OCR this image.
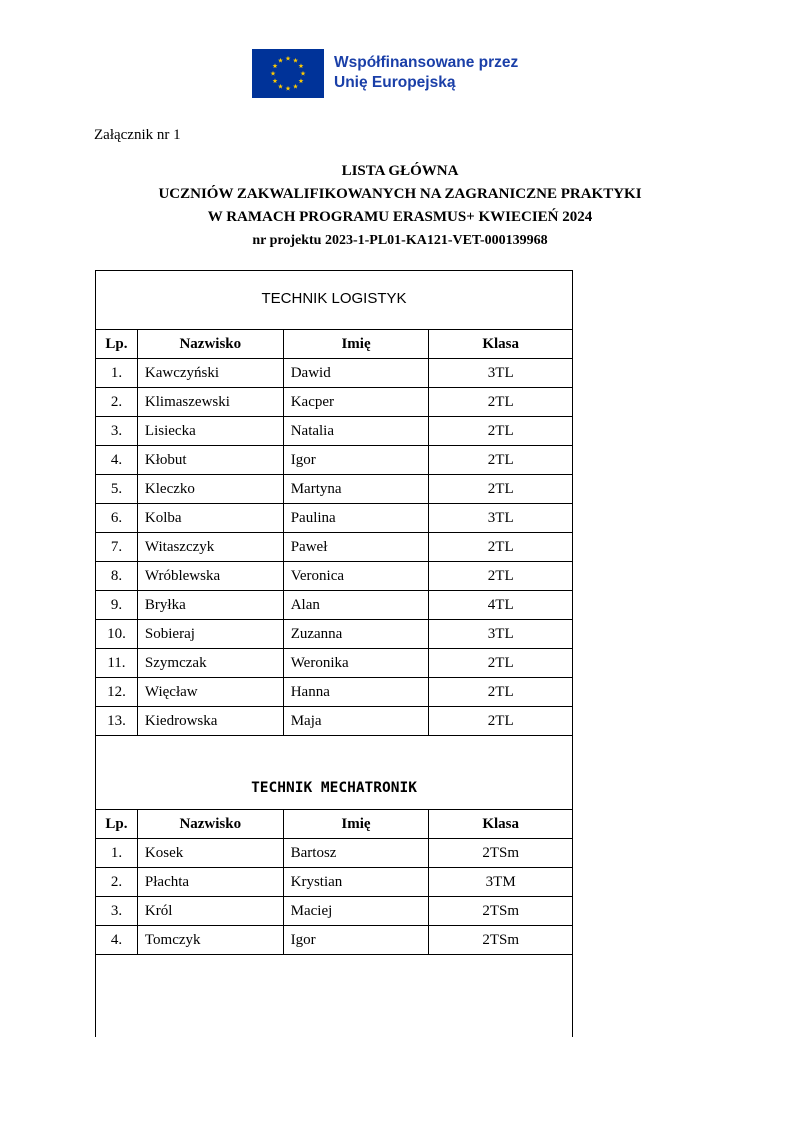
Współfinansowane przez
Unię Europejską
Załącznik nr 1
LISTA GŁÓWNA
UCZNIÓW ZAKWALIFIKOWANYCH NA ZAGRANICZNE PRAKTYKI
W RAMACH PROGRAMU ERASMUS+ KWIECIEŃ 2024
nr projektu 2023-1-PL01-KA121-VET-000139968
TECHNIK LOGISTYK
Lp.	Nazwisko	Imię	Klasa
1.	Kawczyński	Dawid	3TL
2.	Klimaszewski	Kacper	2TL
3.	Lisiecka	Natalia	2TL
4.	Kłobut	Igor	2TL
5.	Kleczko	Martyna	2TL
6.	Kolba	Paulina	3TL
7.	Witaszczyk	Paweł	2TL
8.	Wróblewska	Veronica	2TL
9.	Bryłka	Alan	4TL
10.	Sobieraj	Zuzanna	3TL
11.	Szymczak	Weronika	2TL
12.	Więcław	Hanna	2TL
13.	Kiedrowska	Maja	2TL
TECHNIK MECHATRONIK
Lp.	Nazwisko	Imię	Klasa
1.	Kosek	Bartosz	2TSm
2.	Płachta	Krystian	3TM
3.	Król	Maciej	2TSm
4.	Tomczyk	Igor	2TSm
